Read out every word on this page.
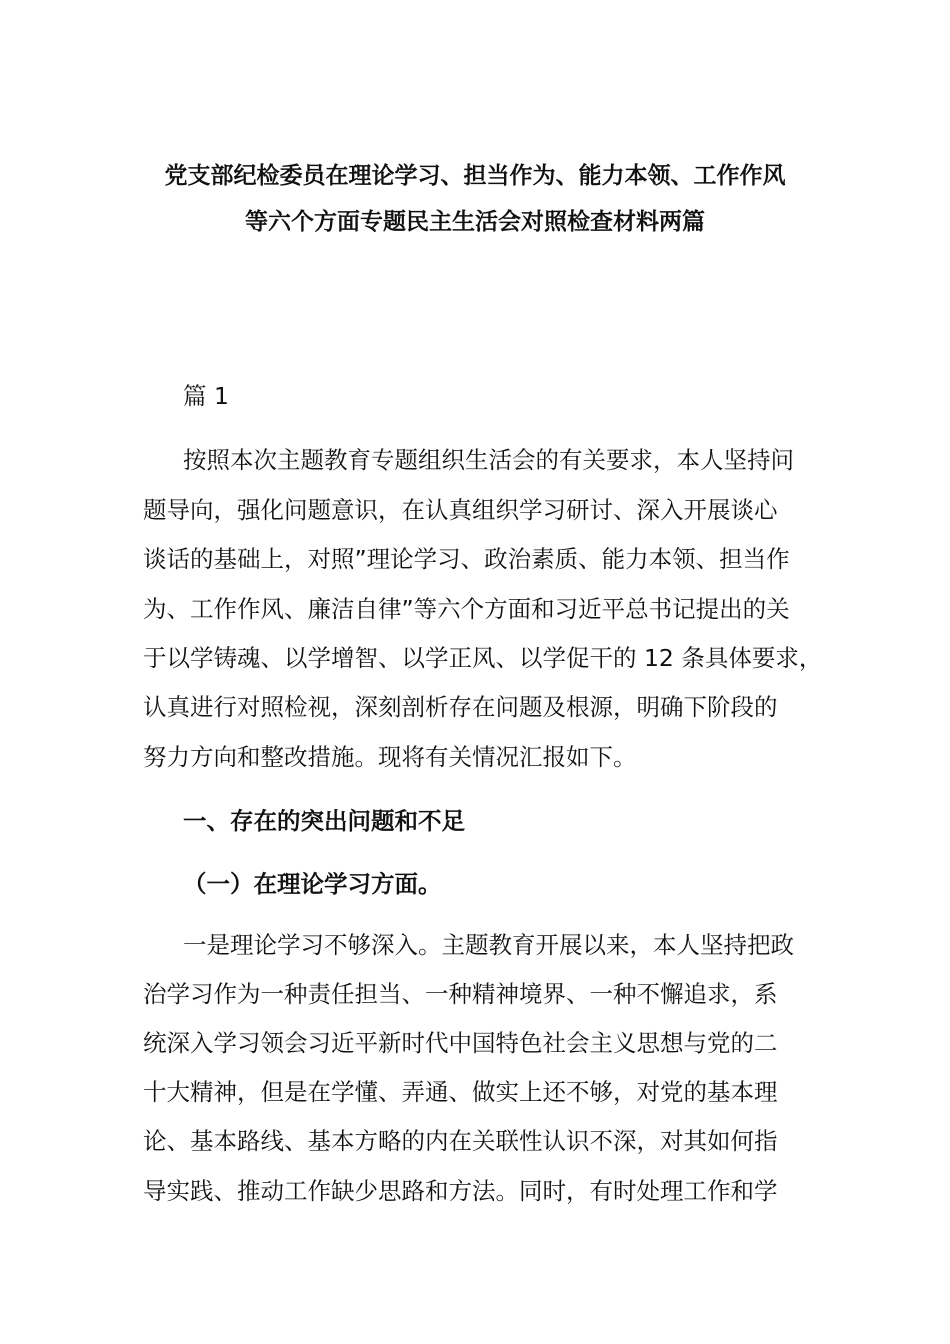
党支部纪检委员在理论学习、担当作为、能力本领、工作作风
等六个方面专题民主生活会对照检查材料两篇
篇 1
按照本次主题教育专题组织生活会的有关要求，本人坚持问
题导向，强化问题意识，在认真组织学习研讨、深入开展谈心
谈话的基础上，对照”理论学习、政治素质、能力本领、担当作
为、工作作风、廉洁自律”等六个方面和习近平总书记提出的关
于以学铸魂、以学增智、以学正风、以学促干的 12 条具体要求，
认真进行对照检视，深刻剖析存在问题及根源，明确下阶段的
努力方向和整改措施。现将有关情况汇报如下。
一、存在的突出问题和不足
（一）在理论学习方面。
一是理论学习不够深入。主题教育开展以来，本人坚持把政
治学习作为一种责任担当、一种精神境界、一种不懈追求，系
统深入学习领会习近平新时代中国特色社会主义思想与党的二
十大精神，但是在学懂、弄通、做实上还不够，对党的基本理
论、基本路线、基本方略的内在关联性认识不深，对其如何指
导实践、推动工作缺少思路和方法。同时，有时处理工作和学
